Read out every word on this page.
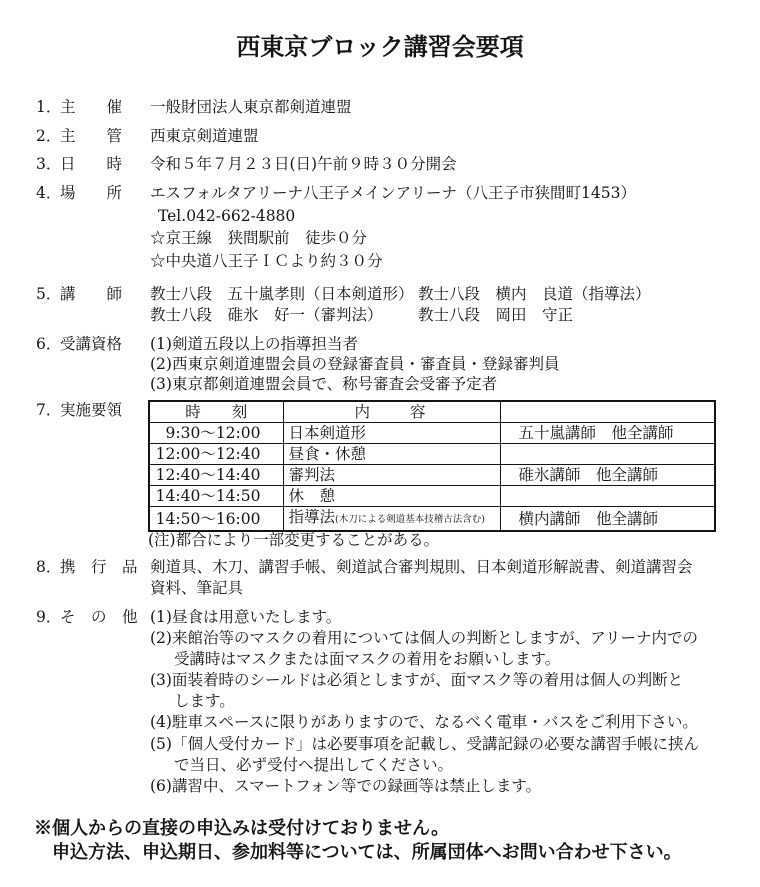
西東京ブロック講習会要項
1．
主　　催 一般財団法人東京都剣道連盟
2．
主　　管 西東京剣道連盟
3．
日　　時 令和５年７月２３日(日)午前９時３０分開会
4．
場　　所 エスフォルタアリーナ八王子メインアリーナ（八王子市狭間町1453）
Tel.042-662-4880
☆京王線　狭間駅前　徒歩０分
☆中央道八王子ＩＣより約３０分
5．
講　　師 教士八段　五十嵐孝則（日本剣道形） 教士八段　横内　良道（指導法）
教士八段　碓氷　好一（審判法） 教士八段　岡田　守正
6．
受講資格 (1)剣道五段以上の指導担当者
(2)西東京剣道連盟会員の登録審査員・審査員・登録審判員
(3)東京都剣道連盟会員で、称号審査会受審予定者
7．
実施要領	時　　刻	内　　容	
9:30～12:00	日本剣道形	五十嵐講師　他全講師
12:00～12:40	昼食・休憩	
12:40～14:40	審判法	碓氷講師　他全講師
14:40～14:50	休　憩	
14:50～16:00	指導法(木刀による剣道基本技稽古法含む)	横内講師　他全講師
(注)都合により一部変更することがある。
8．
携　行　品 剣道具、木刀、講習手帳、剣道試合審判規則、日本剣道形解説書、剣道講習会
資料、筆記具
9．
そ　の　他 (1)昼食は用意いたします。
(2)来館治等のマスクの着用については個人の判断としますが、アリーナ内での
受講時はマスクまたは面マスクの着用をお願いします。
(3)面装着時のシールドは必須としますが、面マスク等の着用は個人の判断と
します。
(4)駐車スペースに限りがありますので、なるべく電車・バスをご利用下さい。
(5)「個人受付カード」は必要事項を記載し、受講記録の必要な講習手帳に挟ん
で当日、必ず受付へ提出してください。
(6)講習中、スマートフォン等での録画等は禁止します。
※個人からの直接の申込みは受付けておりません。
申込方法、申込期日、参加料等については、所属団体へお問い合わせ下さい。
